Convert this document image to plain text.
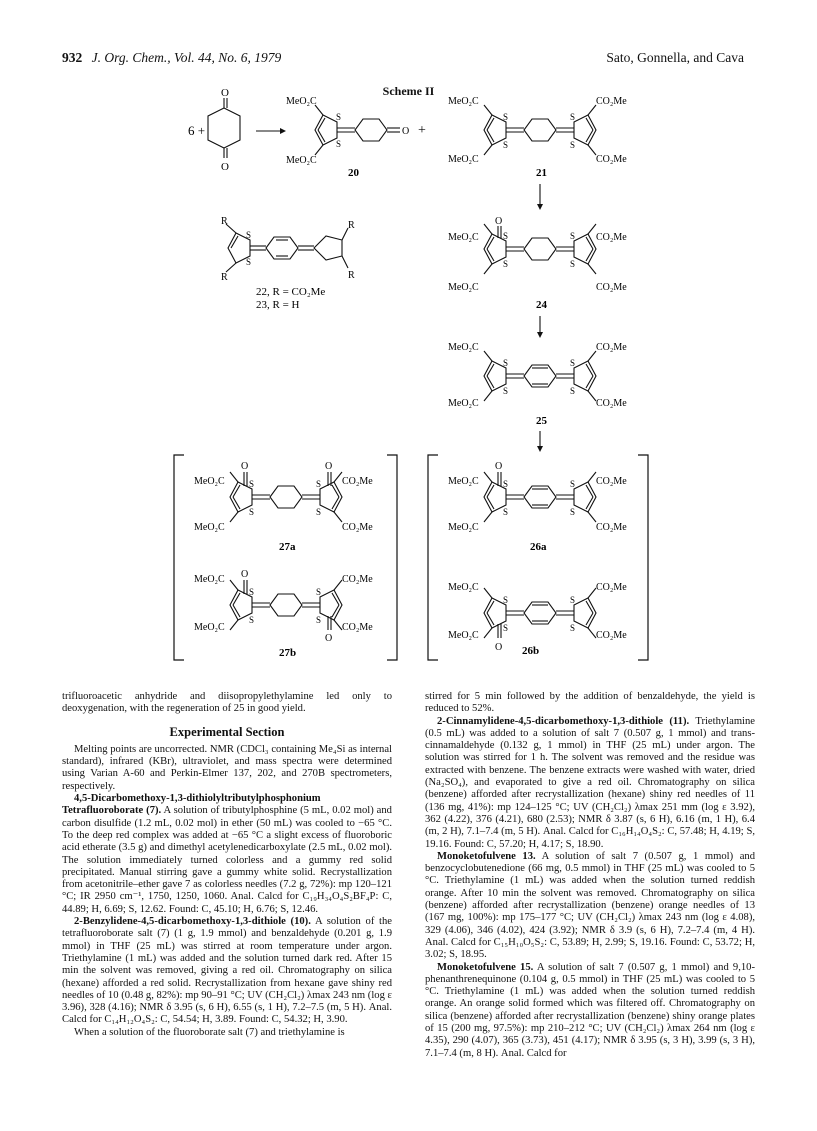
932 J. Org. Chem., Vol. 44, No. 6, 1979	Sato, Gonnella, and Cava
Scheme II
6 +
O
O
MeO₂C
MeO₂C
S
S
O +
MeO₂C
MeO₂C
CO₂Me
CO₂Me
S
S
S
S
20	21
R
R
R
R
S
S
22, R = CO₂Me
23, R = H
O
MeO₂C
MeO₂C
CO₂Me
CO₂Me
S
S
S
S
24
MeO₂C
MeO₂C
CO₂Me
CO₂Me
S
S
S
S
25
O	O
MeO₂C
MeO₂C
CO₂Me
CO₂Me
S
S
S
S
27a
O
O
MeO₂C
MeO₂C
CO₂Me
CO₂Me
S
S
S
S
27b
O
MeO₂C
MeO₂C
CO₂Me
CO₂Me
S
S
S
S
26a
O
MeO₂C
MeO₂C
CO₂Me
CO₂Me
S
S
S
S
26b

trifluoroacetic anhydride and diisopropylethylamine led only to deoxygenation, with the regeneration of 25 in good yield.

Experimental Section

Melting points are uncorrected. NMR (CDCl₃ containing Me₄Si as internal standard), infrared (KBr), ultraviolet, and mass spectra were determined using Varian A-60 and Perkin-Elmer 137, 202, and 270B spectrometers, respectively.

4,5-Dicarbomethoxy-1,3-dithiolyltributylphosphonium Tetrafluoroborate (7). A solution of tributylphosphine (5 mL, 0.02 mol) and carbon disulfide (1.2 mL, 0.02 mol) in ether (50 mL) was cooled to −65 °C. To the deep red complex was added at −65 °C a slight excess of fluoroboric acid etherate (3.5 g) and dimethyl acetylenedicarboxylate (2.5 mL, 0.02 mol). The solution immediately turned colorless and a gummy red solid precipitated. Manual stirring gave a gummy white solid. Recrystallization from acetonitrile–ether gave 7 as colorless needles (7.2 g, 72%): mp 120–121 °C; IR 2950 cm⁻¹, 1750, 1250, 1060. Anal. Calcd for C₁₉H₃₄O₄S₂BF₄P: C, 44.89; H, 6.69; S, 12.62. Found: C, 45.10; H, 6.76; S, 12.46.

2-Benzylidene-4,5-dicarbomethoxy-1,3-dithiole (10). A solution of the tetrafluoroborate salt (7) (1 g, 1.9 mmol) and benzaldehyde (0.201 g, 1.9 mmol) in THF (25 mL) was stirred at room temperature under argon. Triethylamine (1 mL) was added and the solution turned dark red. After 15 min the solvent was removed, giving a red oil. Chromatography on silica (hexane) afforded a red solid. Recrystallization from hexane gave shiny red needles of 10 (0.48 g, 82%): mp 90–91 °C; UV (CH₂Cl₂) λmax 243 nm (log ε 3.96), 328 (4.16); NMR δ 3.95 (s, 6 H), 6.55 (s, 1 H), 7.2–7.5 (m, 5 H). Anal. Calcd for C₁₄H₁₂O₄S₂: C, 54.54; H, 3.89. Found: C, 54.32; H, 3.90.

When a solution of the fluoroborate salt (7) and triethylamine is

stirred for 5 min followed by the addition of benzaldehyde, the yield is reduced to 52%.

2-Cinnamylidene-4,5-dicarbomethoxy-1,3-dithiole (11). Triethylamine (0.5 mL) was added to a solution of salt 7 (0.507 g, 1 mmol) and trans-cinnamaldehyde (0.132 g, 1 mmol) in THF (25 mL) under argon. The solution was stirred for 1 h. The solvent was removed and the residue was extracted with benzene. The benzene extracts were washed with water, dried (Na₂SO₄), and evaporated to give a red oil. Chromatography on silica (benzene) afforded after recrystallization (hexane) shiny red needles of 11 (136 mg, 41%): mp 124–125 °C; UV (CH₂Cl₂) λmax 251 mm (log ε 3.92), 362 (4.22), 376 (4.21), 680 (2.53); NMR δ 3.87 (s, 6 H), 6.16 (m, 1 H), 6.4 (m, 2 H), 7.1–7.4 (m, 5 H). Anal. Calcd for C₁₆H₁₄O₄S₂: C, 57.48; H, 4.19; S, 19.16. Found: C, 57.20; H, 4.17; S, 18.90.

Monoketofulvene 13. A solution of salt 7 (0.507 g, 1 mmol) and benzocyclobutenedione (66 mg, 0.5 mmol) in THF (25 mL) was cooled to 5 °C. Triethylamine (1 mL) was added when the solution turned reddish orange. After 10 min the solvent was removed. Chromatography on silica (benzene) afforded after recrystallization (benzene) orange needles of 13 (167 mg, 100%): mp 175–177 °C; UV (CH₂Cl₂) λmax 243 nm (log ε 4.08), 329 (4.06), 346 (4.02), 424 (3.92); NMR δ 3.9 (s, 6 H), 7.2–7.4 (m, 4 H). Anal. Calcd for C₁₅H₁₀O₅S₂: C, 53.89; H, 2.99; S, 19.16. Found: C, 53.72; H, 3.02; S, 18.95.

Monoketofulvene 15. A solution of salt 7 (0.507 g, 1 mmol) and 9,10-phenanthrenequinone (0.104 g, 0.5 mmol) in THF (25 mL) was cooled to 5 °C. Triethylamine (1 mL) was added when the solution turned reddish orange. An orange solid formed which was filtered off. Chromatography on silica (benzene) afforded after recrystallization (benzene) shiny orange plates of 15 (200 mg, 97.5%): mp 210–212 °C; UV (CH₂Cl₂) λmax 264 nm (log ε 4.35), 290 (4.07), 365 (3.73), 451 (4.17); NMR δ 3.95 (s, 3 H), 3.99 (s, 3 H), 7.1–7.4 (m, 8 H). Anal. Calcd for
